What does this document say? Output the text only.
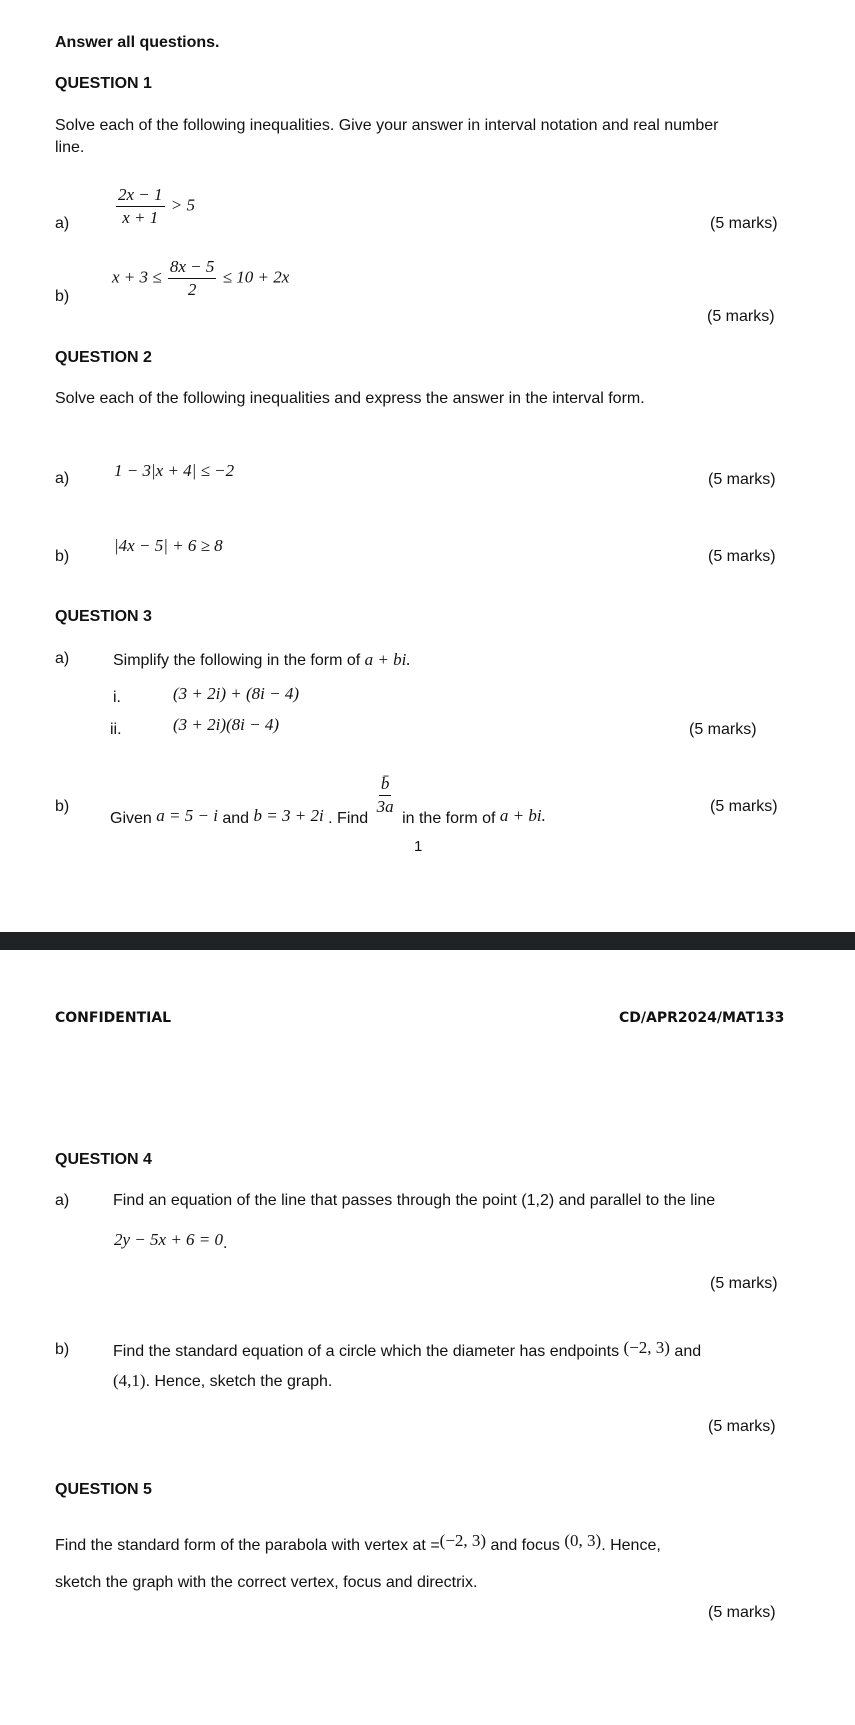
Answer all questions.
QUESTION 1
Solve each of the following inequalities. Give your answer in interval notation and real number
line.
a)	$\frac{2x - 1}{x + 1} > 5$
(5 marks)
b)
$x + 3 \le \frac{8x - 5}{2} \le 10 + 2x$
(5 marks)
QUESTION 2
Solve each of the following inequalities and express the answer in the interval form.
a)	1 − 3|x + 4| ≤ −2	(5 marks)
b)
|4x − 5| + 6 ≥ 8
(5 marks)
QUESTION 3
a)	Simplify the following in the form of a + bi.
i.	(3 + 2i) + (8i − 4)
ii.	(3 + 2i)(8i − 4)	(5 marks)
b)
Given a = 5 − i and b = 3 + 2i . Find
$\frac{b̄}{3a}$
in the form of a + bi.	(5 marks)
1
CONFIDENTIAL	CD/APR2024/MAT133
QUESTION 4
a)	Find an equation of the line that passes through the point (1,2) and parallel to the line
2y − 5x + 6 = 0.
(5 marks)
b)	Find the standard equation of a circle which the diameter has endpoints (−2, 3) and
(4,1). Hence, sketch the graph.
(5 marks)
QUESTION 5
Find the standard form of the parabola with vertex at =(−2, 3) and focus (0, 3). Hence,
sketch the graph with the correct vertex, focus and directrix.
(5 marks)
